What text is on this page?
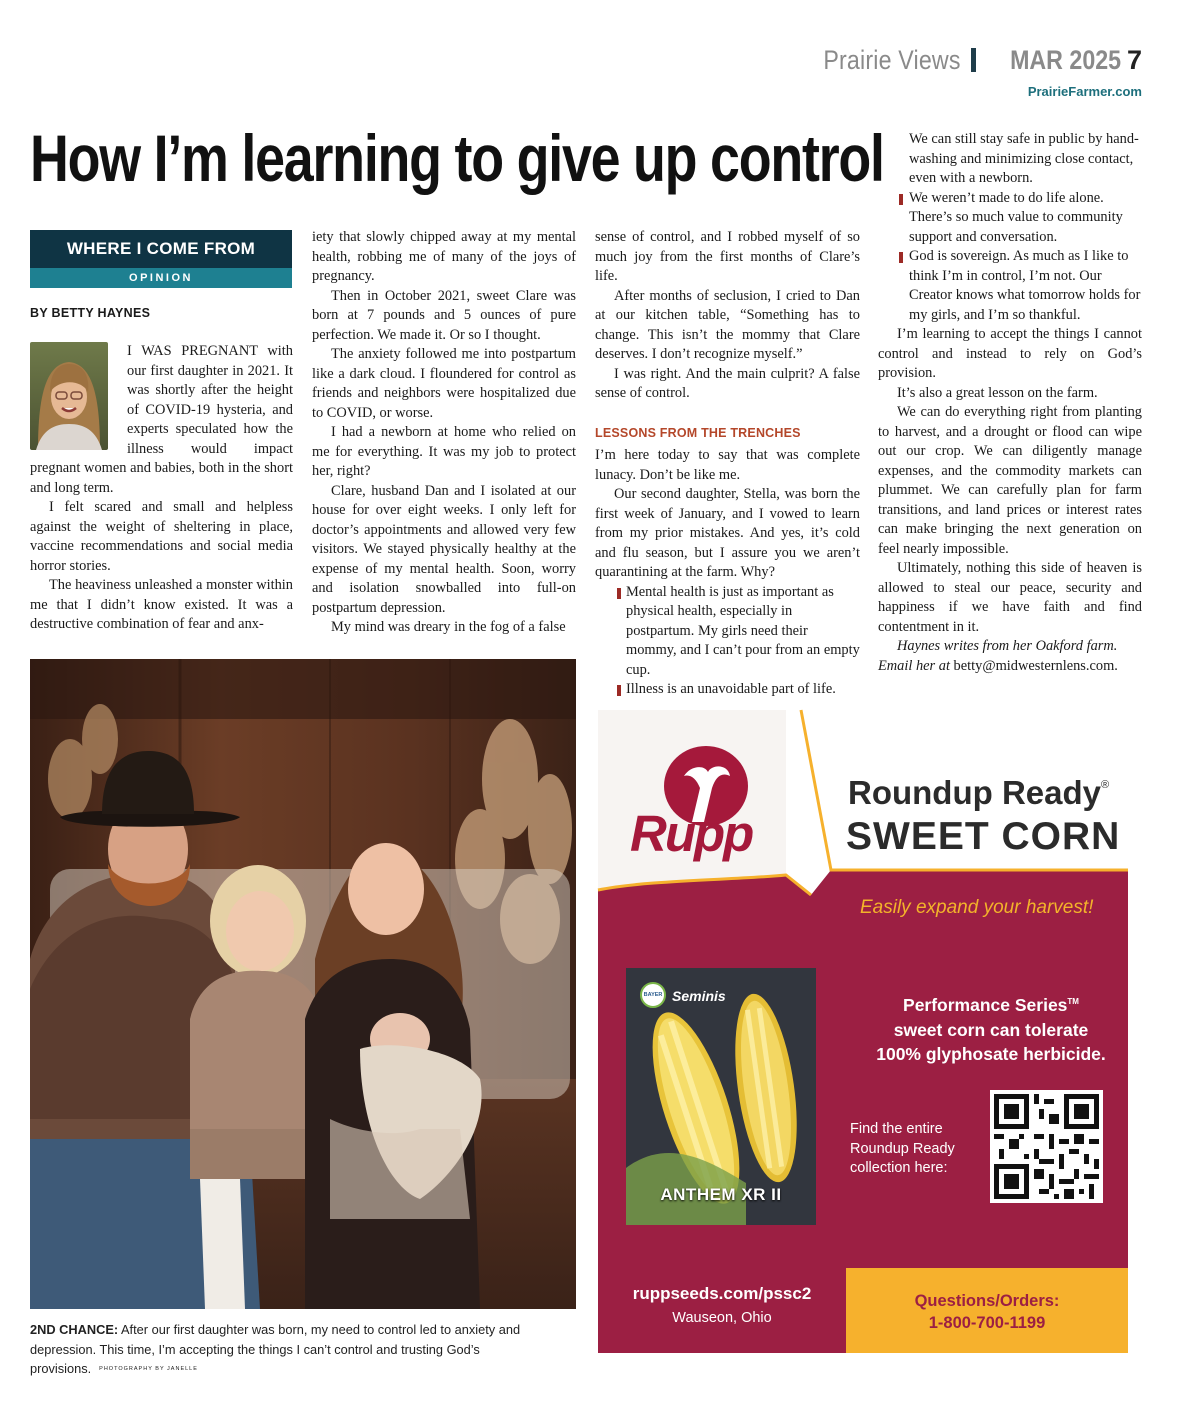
Prairie Views MAR 2025 7
PrairieFarmer.com
How I’m learning to give up control
WHERE I COME FROM
OPINION
BY BETTY HAYNES

I WAS PREGNANT with our first daughter in 2021. It was shortly after the height of COVID-19 hysteria, and experts speculated how the illness would impact pregnant women and babies, both in the short and long term.

I felt scared and small and helpless against the weight of sheltering in place, vaccine recommendations and social media horror stories.

The heaviness unleashed a monster within me that I didn’t know existed. It was a destructive combination of fear and anx-

iety that slowly chipped away at my mental health, robbing me of many of the joys of pregnancy.

Then in October 2021, sweet Clare was born at 7 pounds and 5 ounces of pure perfection. We made it. Or so I thought.

The anxiety followed me into postpartum like a dark cloud. I floundered for control as friends and neighbors were hospitalized due to COVID, or worse.

I had a newborn at home who relied on me for everything. It was my job to protect her, right?

Clare, husband Dan and I isolated at our house for over eight weeks. I only left for doctor’s appointments and allowed very few visitors. We stayed physically healthy at the expense of my mental health. Soon, worry and isolation snowballed into full-on postpartum depression.

My mind was dreary in the fog of a false

sense of control, and I robbed myself of so much joy from the first months of Clare’s life.

After months of seclusion, I cried to Dan at our kitchen table, “Something has to change. This isn’t the mommy that Clare deserves. I don’t recognize myself.”

I was right. And the main culprit? A false sense of control.

LESSONS FROM THE TRENCHES

I’m here today to say that was complete lunacy. Don’t be like me.

Our second daughter, Stella, was born the first week of January, and I vowed to learn from my prior mistakes. And yes, it’s cold and flu season, but I assure you we aren’t quarantining at the farm. Why?

Mental health is just as important as physical health, especially in postpartum. My girls need their mommy, and I can’t pour from an empty cup.
Illness is an unavoidable part of life.
We can still stay safe in public by hand-washing and minimizing close contact, even with a newborn.
We weren’t made to do life alone. There’s so much value to community support and conversation.
God is sovereign. As much as I like to think I’m in control, I’m not. Our Creator knows what tomorrow holds for my girls, and I’m so thankful.

I’m learning to accept the things I cannot control and instead to rely on God’s provision.

It’s also a great lesson on the farm.

We can do everything right from planting to harvest, and a drought or flood can wipe out our crop. We can diligently manage expenses, and the commodity markets can plummet. We can carefully plan for farm transitions, and land prices or interest rates can make bringing the next generation on feel nearly impossible.

Ultimately, nothing this side of heaven is allowed to steal our peace, security and happiness if we have faith and find contentment in it.

Haynes writes from her Oakford farm. Email her at betty@midwesternlens.com.

2ND CHANCE: After our first daughter was born, my need to control led to anxiety and depression. This time, I’m accepting the things I can’t control and trusting God’s provisions. PHOTOGRAPHY BY JANELLE
Rupp
Roundup Ready®
SWEET CORN
Easily expand your harvest!
BAYER Seminis
ANTHEM XR II
Performance Series™
sweet corn can tolerate
100% glyphosate herbicide.
Find the entire Roundup Ready collection here:
ruppseeds.com/pssc2
Wauseon, Ohio
Questions/Orders:
1-800-700-1199
